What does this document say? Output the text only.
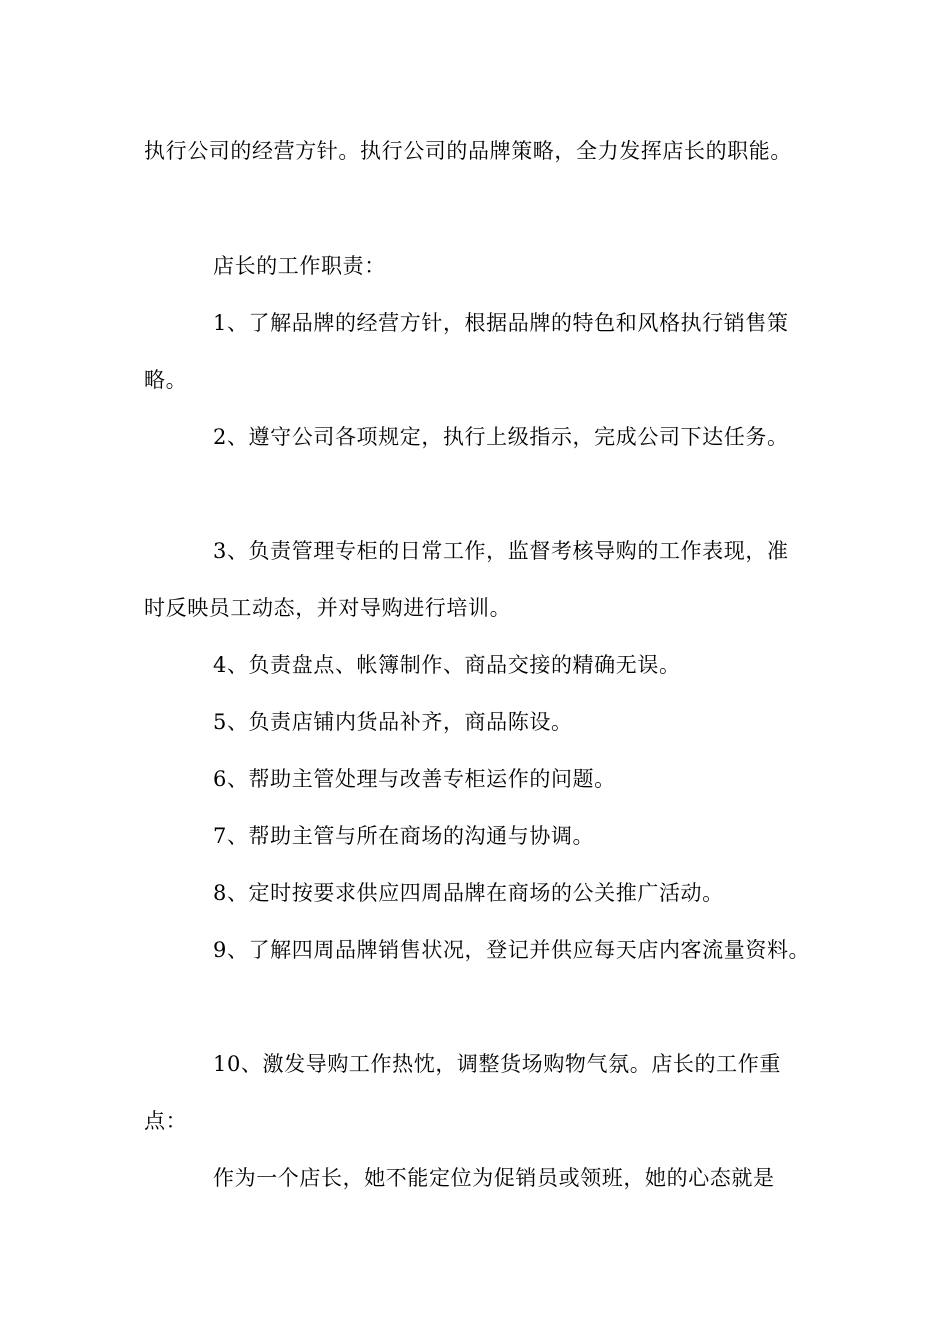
执行公司的经营方针。执行公司的品牌策略，全力发挥店长的职能。
店长的工作职责：
1、了解品牌的经营方针，根据品牌的特色和风格执行销售策
略。
2、遵守公司各项规定，执行上级指示，完成公司下达任务。
3、负责管理专柜的日常工作，监督考核导购的工作表现，准
时反映员工动态，并对导购进行培训。
4、负责盘点、帐簿制作、商品交接的精确无误。
5、负责店铺内货品补齐，商品陈设。
6、帮助主管处理与改善专柜运作的问题。
7、帮助主管与所在商场的沟通与协调。
8、定时按要求供应四周品牌在商场的公关推广活动。
9、了解四周品牌销售状况，登记并供应每天店内客流量资料。
10、激发导购工作热忱，调整货场购物气氛。店长的工作重
点：
作为一个店长，她不能定位为促销员或领班，她的心态就是
